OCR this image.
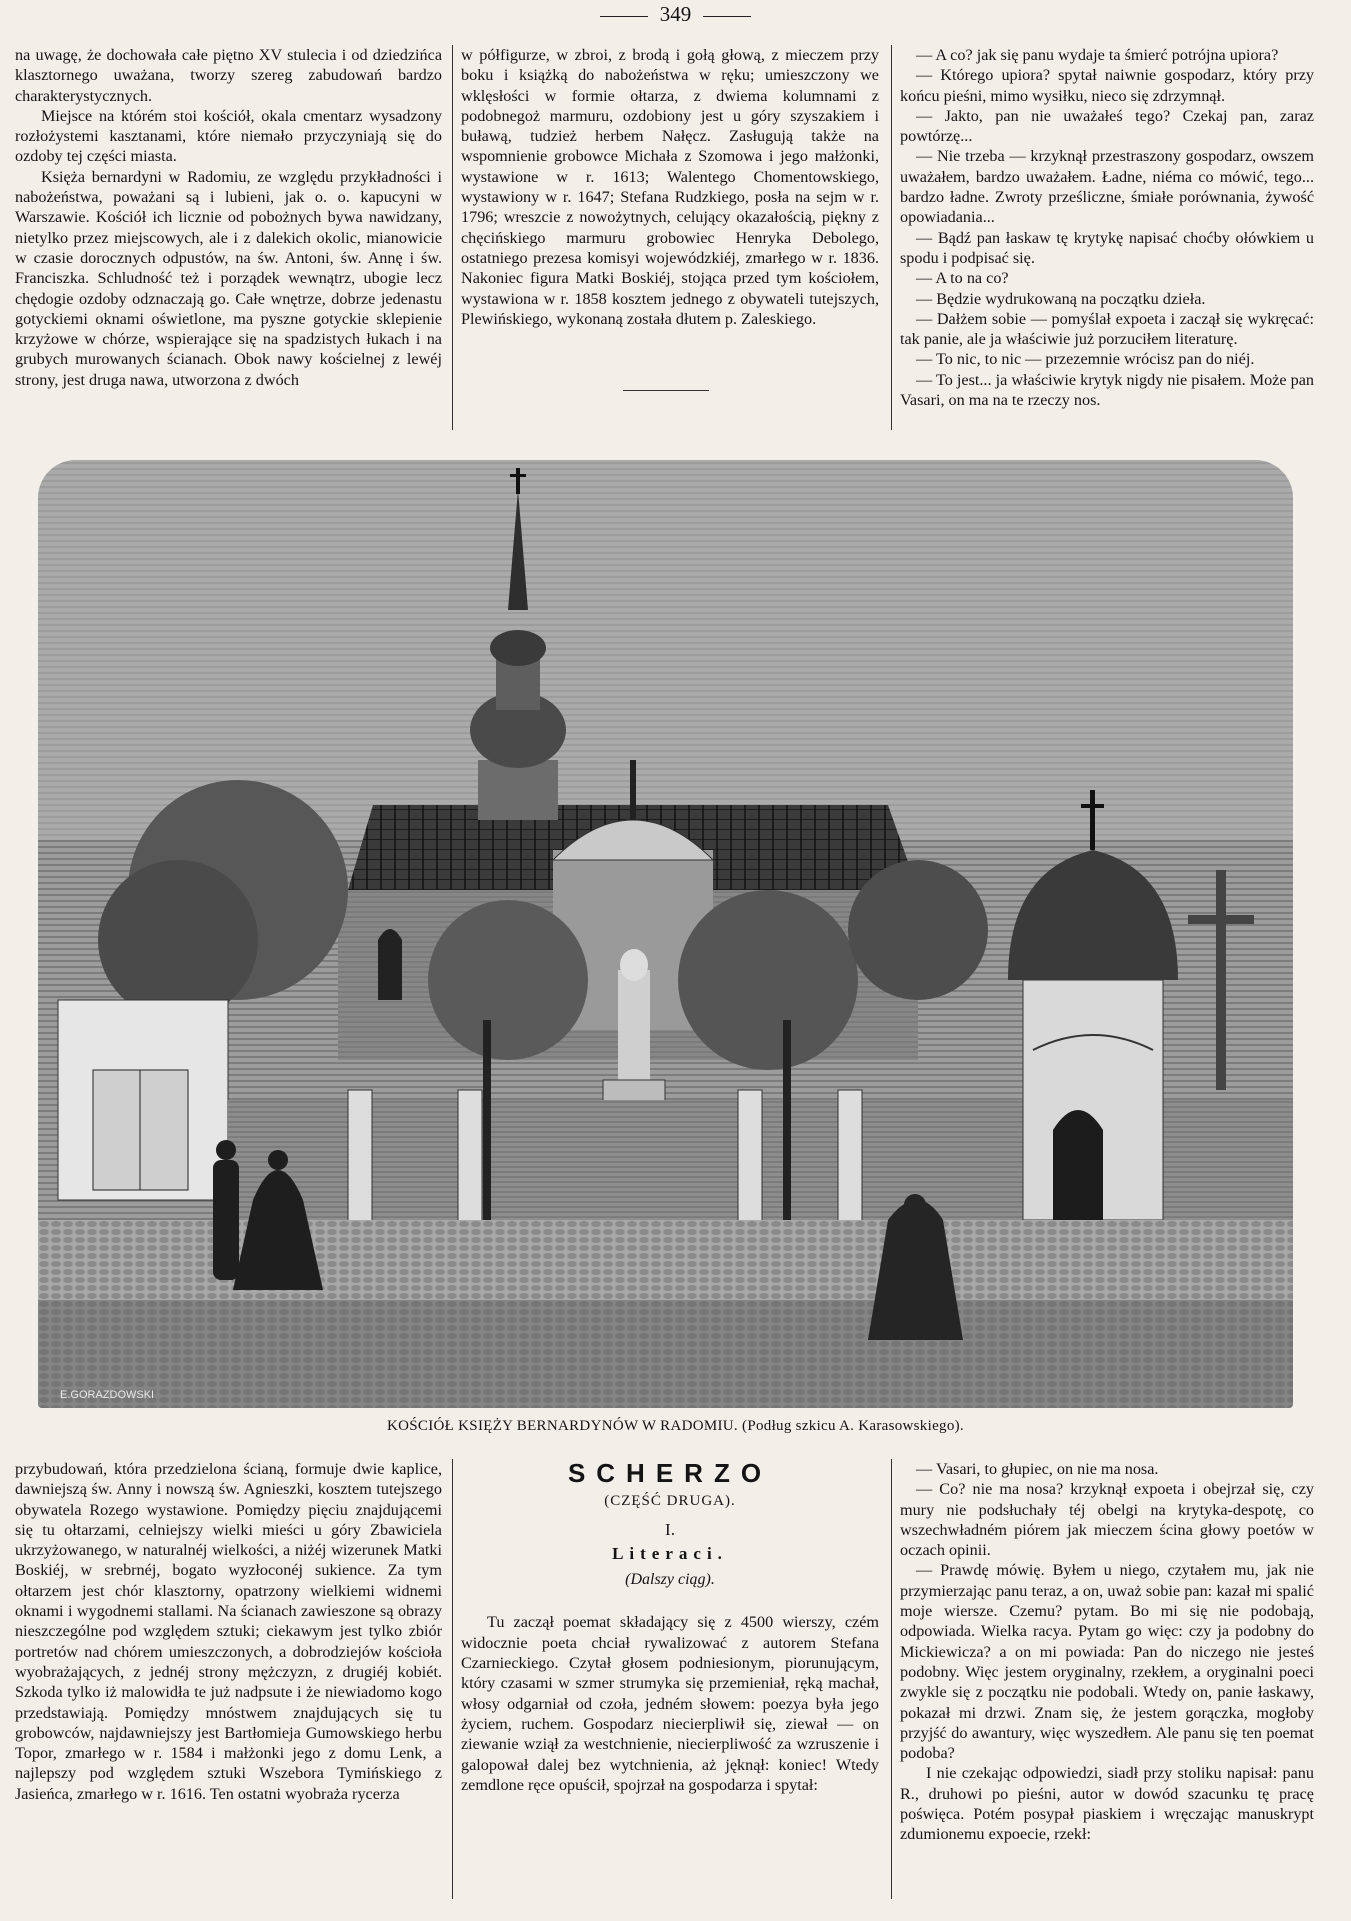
349

na uwagę, że dochowała całe piętno XV stulecia i od dziedzińca klasztornego uważana, tworzy szereg zabudowań bardzo charakterystycznych.

Miejsce na którém stoi kościół, okala cmentarz wysadzony rozłożystemi kasztanami, które niemało przyczyniają się do ozdoby tej części miasta.

Księża bernardyni w Radomiu, ze względu przykładności i nabożeństwa, poważani są i lubieni, jak o. o. kapucyni w Warszawie. Kościół ich licznie od pobożnych bywa nawidzany, nietylko przez miejscowych, ale i z dalekich okolic, mianowicie w czasie dorocznych odpustów, na św. Antoni, św. Annę i św. Franciszka. Schludność też i porządek wewnątrz, ubogie lecz chędogie ozdoby odznaczają go. Całe wnętrze, dobrze jedenastu gotyckiemi oknami oświetlone, ma pyszne gotyckie sklepienie krzyżowe w chórze, wspierające się na spadzistych łukach i na grubych murowanych ścianach. Obok nawy kościelnej z lewéj strony, jest druga nawa, utworzona z dwóch

w półfigurze, w zbroi, z brodą i gołą głową, z mieczem przy boku i książką do nabożeństwa w ręku; umieszczony we wklęsłości w formie ołtarza, z dwiema kolumnami z podobnegoż marmuru, ozdobiony jest u góry szyszakiem i buławą, tudzież herbem Nałęcz. Zasługują także na wspomnienie grobowce Michała z Szomowa i jego małżonki, wystawione w r. 1613; Walentego Chomentowskiego, wystawiony w r. 1647; Stefana Rudzkiego, posła na sejm w r. 1796; wreszcie z nowożytnych, celujący okazałością, piękny z chęcińskiego marmuru grobowiec Henryka Debolego, ostatniego prezesa komisyi wojewódzkiéj, zmarłego w r. 1836. Nakoniec figura Matki Boskiéj, stojąca przed tym kościołem, wystawiona w r. 1858 kosztem jednego z obywateli tutejszych, Plewińskiego, wykonaną została dłutem p. Zaleskiego.

— A co? jak się panu wydaje ta śmierć potrójna upiora?

— Którego upiora? spytał naiwnie gospodarz, który przy końcu pieśni, mimo wysiłku, nieco się zdrzymnął.

— Jakto, pan nie uważałeś tego? Czekaj pan, zaraz powtórzę...

— Nie trzeba — krzyknął przestraszony gospodarz, owszem uważałem, bardzo uważałem. Ładne, niéma co mówić, tego... bardzo ładne. Zwroty prześliczne, śmiałe porównania, żywość opowiadania...

— Bądź pan łaskaw tę krytykę napisać choćby ołówkiem u spodu i podpisać się.

— A to na co?

— Będzie wydrukowaną na początku dzieła.

— Dałżem sobie — pomyślał expoeta i zaczął się wykręcać: tak panie, ale ja właściwie już porzuciłem literaturę.

— To nic, to nic — przezemnie wrócisz pan do niéj.

— To jest... ja właściwie krytyk nigdy nie pisałem. Może pan Vasari, on ma na te rzeczy nos.

E.GORAZDOWSKI
KOŚCIÓŁ KSIĘŻY BERNARDYNÓW W RADOMIU. (Podług szkicu A. Karasowskiego).

przybudowań, która przedzielona ścianą, formuje dwie kaplice, dawniejszą św. Anny i nowszą św. Agnieszki, kosztem tutejszego obywatela Rozego wystawione. Pomiędzy pięciu znajdującemi się tu ołtarzami, celniejszy wielki mieści u góry Zbawiciela ukrzyżowanego, w naturalnéj wielkości, a niżéj wizerunek Matki Boskiéj, w srebrnéj, bogato wyzłoconéj sukience. Za tym ołtarzem jest chór klasztorny, opatrzony wielkiemi widnemi oknami i wygodnemi stallami. Na ścianach zawieszone są obrazy nieszczególne pod względem sztuki; ciekawym jest tylko zbiór portretów nad chórem umieszczonych, a dobrodziejów kościoła wyobrażających, z jednéj strony mężczyzn, z drugiéj kobiét. Szkoda tylko iż malowidła te już nadpsute i że niewiadomo kogo przedstawiają. Pomiędzy mnóstwem znajdujących się tu grobowców, najdawniejszy jest Bartłomieja Gumowskiego herbu Topor, zmarłego w r. 1584 i małżonki jego z domu Lenk, a najlepszy pod względem sztuki Wszebora Tymińskiego z Jasieńca, zmarłego w r. 1616. Ten ostatni wyobraża rycerza

SCHERZO
(CZĘŚĆ DRUGA).
I.
Literaci.
(Dalszy ciąg).

Tu zaczął poemat składający się z 4500 wierszy, czém widocznie poeta chciał rywalizować z autorem Stefana Czarnieckiego. Czytał głosem podniesionym, piorunującym, który czasami w szmer strumyka się przemieniał, ręką machał, włosy odgarniał od czoła, jedném słowem: poezya była jego życiem, ruchem. Gospodarz niecierpliwił się, ziewał — on ziewanie wziął za westchnienie, niecierpliwość za wzruszenie i galopował dalej bez wytchnienia, aż jęknął: koniec! Wtedy zemdlone ręce opuścił, spojrzał na gospodarza i spytał:

— Vasari, to głupiec, on nie ma nosa.

— Co? nie ma nosa? krzyknął expoeta i obejrzał się, czy mury nie podsłuchały téj obelgi na krytyka-despotę, co wszechwładném piórem jak mieczem ścina głowy poetów w oczach opinii.

— Prawdę mówię. Byłem u niego, czytałem mu, jak nie przymierzając panu teraz, a on, uważ sobie pan: kazał mi spalić moje wiersze. Czemu? pytam. Bo mi się nie podobają, odpowiada. Wielka racya. Pytam go więc: czy ja podobny do Mickiewicza? a on mi powiada: Pan do niczego nie jesteś podobny. Więc jestem oryginalny, rzekłem, a oryginalni poeci zwykle się z początku nie podobali. Wtedy on, panie łaskawy, pokazał mi drzwi. Znam się, że jestem gorączka, mogłoby przyjść do awantury, więc wyszedłem. Ale panu się ten poemat podoba?

I nie czekając odpowiedzi, siadł przy stoliku napisał: panu R., druhowi po pieśni, autor w dowód szacunku tę pracę poświęca. Potém posypał piaskiem i wręczając manuskrypt zdumionemu expoecie, rzekł:
